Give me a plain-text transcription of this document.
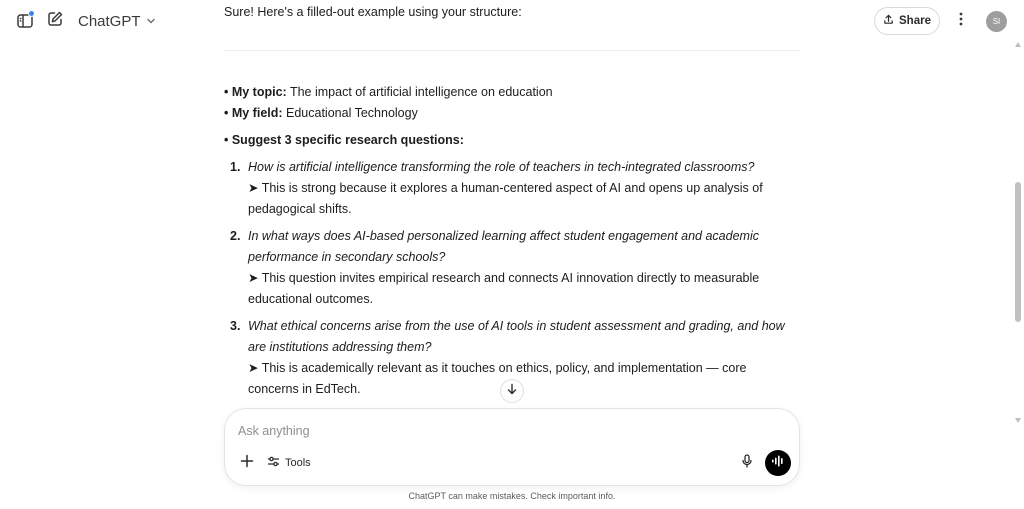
ChatGPT	Share	SI
Sure! Here's a filled-out example using your structure:
• My topic: The impact of artificial intelligence on education
• My field: Educational Technology
• Suggest 3 specific research questions:
1. How is artificial intelligence transforming the role of teachers in tech-integrated classrooms?
➤ This is strong because it explores a human-centered aspect of AI and opens up analysis of pedagogical shifts.
2. In what ways does AI-based personalized learning affect student engagement and academic performance in secondary schools?
➤ This question invites empirical research and connects AI innovation directly to measurable educational outcomes.
3. What ethical concerns arise from the use of AI tools in student assessment and grading, and how are institutions addressing them?
➤ This is academically relevant as it touches on ethics, policy, and implementation — core concerns in EdTech.
Ask anything
Tools
ChatGPT can make mistakes. Check important info.
